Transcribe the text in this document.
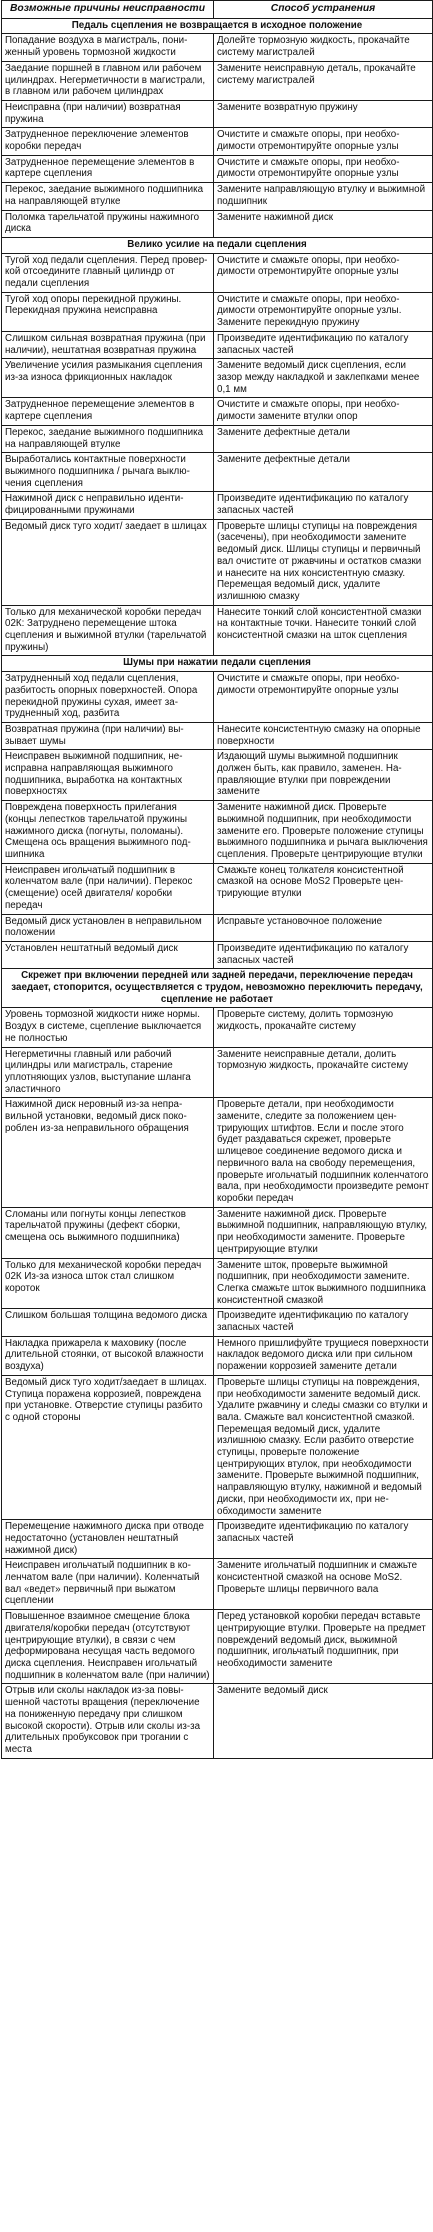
Возможные причины неисправности	Способ устранения
Педаль сцепления не возвращается в исходное положение	
Попадание воздуха в магистраль, пониженный уровень тормозной жидкости	Долейте тормозную жидкость, прокачайте систему магистралей
Заедание поршней в главном или рабочем цилиндрах. Негерметичности в магистрали, в главном или рабочем цилиндрах	Замените неисправную деталь, прокачайте систему магистралей
Неисправна (при наличии) возвратная пружина	Замените возвратную пружину
Затрудненное переключение элементов коробки передач	Очистите и смажьте опоры, при необходимости отремонтируйте опорные узлы
Затрудненное перемещение элементов в картере сцепления	Очистите и смажьте опоры, при необходимости отремонтируйте опорные узлы
Перекос, заедание выжимного подшипника на направляющей втулке	Замените направляющую втулку и выжимной подшипник
Поломка тарельчатой пружины нажимного диска	Замените нажимной диск
Велико усилие на педали сцепления	
Тугой ход педали сцепления. Перед проверкой отсоедините главный цилиндр от педали сцепления	Очистите и смажьте опоры, при необходимости отремонтируйте опорные узлы
Тугой ход опоры перекидной пружины. Перекидная пружина неисправна	Очистите и смажьте опоры, при необходимости отремонтируйте опорные узлы. Замените перекидную пружину
Слишком сильная возвратная пружина (при наличии), нештатная возвратная пружина	Произведите идентификацию по каталогу запасных частей
Увеличение усилия размыкания сцепления из-за износа фрикционных накладок	Замените ведомый диск сцепления, если зазор между накладкой и заклепками менее 0,1 мм
Затрудненное перемещение элементов в картере сцепления	Очистите и смажьте опоры, при необходимости замените втулки опор
Перекос, заедание выжимного подшипника на направляющей втулке	Замените дефектные детали
Выработались контактные поверхности выжимного подшипника / рычага выключения сцепления	Замените дефектные детали
Нажимной диск с неправильно идентифицированными пружинами	Произведите идентификацию по каталогу запасных частей
Ведомый диск туго ходит/ заедает в шлицах	Проверьте шлицы ступицы на повреждения (засечены), при необходимости замените ведомый диск. Шлицы ступицы и первичный вал очистите от ржавчины и остатков смазки и нанесите на них консистентную смазку. Перемещая ведомый диск, удалите излишнюю смазку
Только для механической коробки передач 02К: Затруднено перемещение штока сцепления и выжимной втулки (тарельчатой пружины)	Нанесите тонкий слой консистентной смазки на контактные точки. Нанесите тонкий слой консистентной смазки на шток сцепления
Шумы при нажатии педали сцепления	
Затрудненный ход педали сцепления, разбитость опорных поверхностей. Опора перекидной пружины сухая, имеет затрудненный ход, разбита	Очистите и смажьте опоры, при необходимости отремонтируйте опорные узлы
Возвратная пружина (при наличии) вызывает шумы	Нанесите консистентную смазку на опорные поверхности
Неисправен выжимной подшипник, неисправна направляющая выжимного подшипника, выработка на контактных поверхностях	Издающий шумы выжимной подшипник должен быть, как правило, заменен. Направляющие втулки при повреждении замените
Повреждена поверхность прилегания (концы лепестков тарельчатой пружины нажимного диска (погнуты, поломаны). Смещена ось вращения выжимного подшипника	Замените нажимной диск. Проверьте выжимной подшипник, при необходимости замените его. Проверьте положение ступицы выжимного подшипника и рычага выключения сцепления. Проверьте центрирующие втулки
Неисправен игольчатый подшипник в коленчатом вале (при наличии). Перекос (смещение) осей двигателя/ коробки передач	Смажьте конец толкателя консистентной смазкой на основе MoS2 Проверьте центрирующие втулки
Ведомый диск установлен в неправильном положении	Исправьте установочное положение
Установлен нештатный ведомый диск	Произведите идентификацию по каталогу запасных частей
Скрежет при включении передней или задней передачи, переключение передач заедает, стопорится, осуществляется с трудом, невозможно переключить передачу, сцепление не работает	
Уровень тормозной жидкости ниже нормы. Воздух в системе, сцепление выключается не полностью	Проверьте систему, долить тормозную жидкость, прокачайте систему
Негерметичны главный или рабочий цилиндры или магистраль, старение уплотняющих узлов, выступание шланга эластичного	Замените неисправные детали, долить тормозную жидкость, прокачайте систему
Нажимной диск неровный из-за неправильной установки, ведомый диск покороблен из-за неправильного обращения	Проверьте детали, при необходимости замените, следите за положением центрирующих штифтов. Если и после этого будет раздаваться скрежет, проверьте шлицевое соединение ведомого диска и первичного вала на свободу перемещения, проверьте игольчатый подшипник коленчатого вала, при необходимости произведите ремонт коробки передач
Сломаны или погнуты концы лепестков тарельчатой пружины (дефект сборки, смещена ось выжимного подшипника)	Замените нажимной диск. Проверьте выжимной подшипник, направляющую втулку, при необходимости замените. Проверьте центрирующие втулки
Только для механической коробки передач 02К Из-за износа шток стал слишком короток	Замените шток, проверьте выжимной подшипник, при необходимости замените. Слегка смажьте шток выжимного подшипника консистентной смазкой
Слишком большая толщина ведомого диска	Произведите идентификацию по каталогу запасных частей
Накладка прижарела к маховику (после длительной стоянки, от высокой влажности воздуха)	Немного пришлифуйте трущиеся поверхности накладок ведомого диска или при сильном поражении коррозией замените детали
Ведомый диск туго ходит/заедает в шлицах. Ступица поражена коррозией, повреждена при установке. Отверстие ступицы разбито с одной стороны	Проверьте шлицы ступицы на повреждения, при необходимости замените ведомый диск. Удалите ржавчину и следы смазки со втулки и вала. Смажьте вал консистентной смазкой. Перемещая ведомый диск, удалите излишнюю смазку. Если разбито отверстие ступицы, проверьте положение центрирующих втулок, при необходимости замените. Проверьте выжимной подшипник, направляющую втулку, нажимной и ведомый диски, при необходимости их, при необходимости замените
Перемещение нажимного диска при отводе недостаточно (установлен нештатный нажимной диск)	Произведите идентификацию по каталогу запасных частей
Неисправен игольчатый подшипник в коленчатом вале (при наличии). Коленчатый вал «ведет» первичный при выжатом сцеплении	Замените игольчатый подшипник и смажьте консистентной смазкой на основе MoS2. Проверьте шлицы первичного вала
Повышенное взаимное смещение блока двигателя/коробки передач (отсутствуют центрирующие втулки), в связи с чем деформирована несущая часть ведомого диска сцепления. Неисправен игольчатый подшипник в коленчатом вале (при наличии)	Перед установкой коробки передач вставьте центрирующие втулки. Проверьте на предмет повреждений ведомый диск, выжимной подшипник, игольчатый подшипник, при необходимости замените
Отрыв или сколы накладок из-за повышенной частоты вращения (переключение на пониженную передачу при слишком высокой скорости). Отрыв или сколы из-за длительных пробуксовок при трогании с места	Замените ведомый диск
